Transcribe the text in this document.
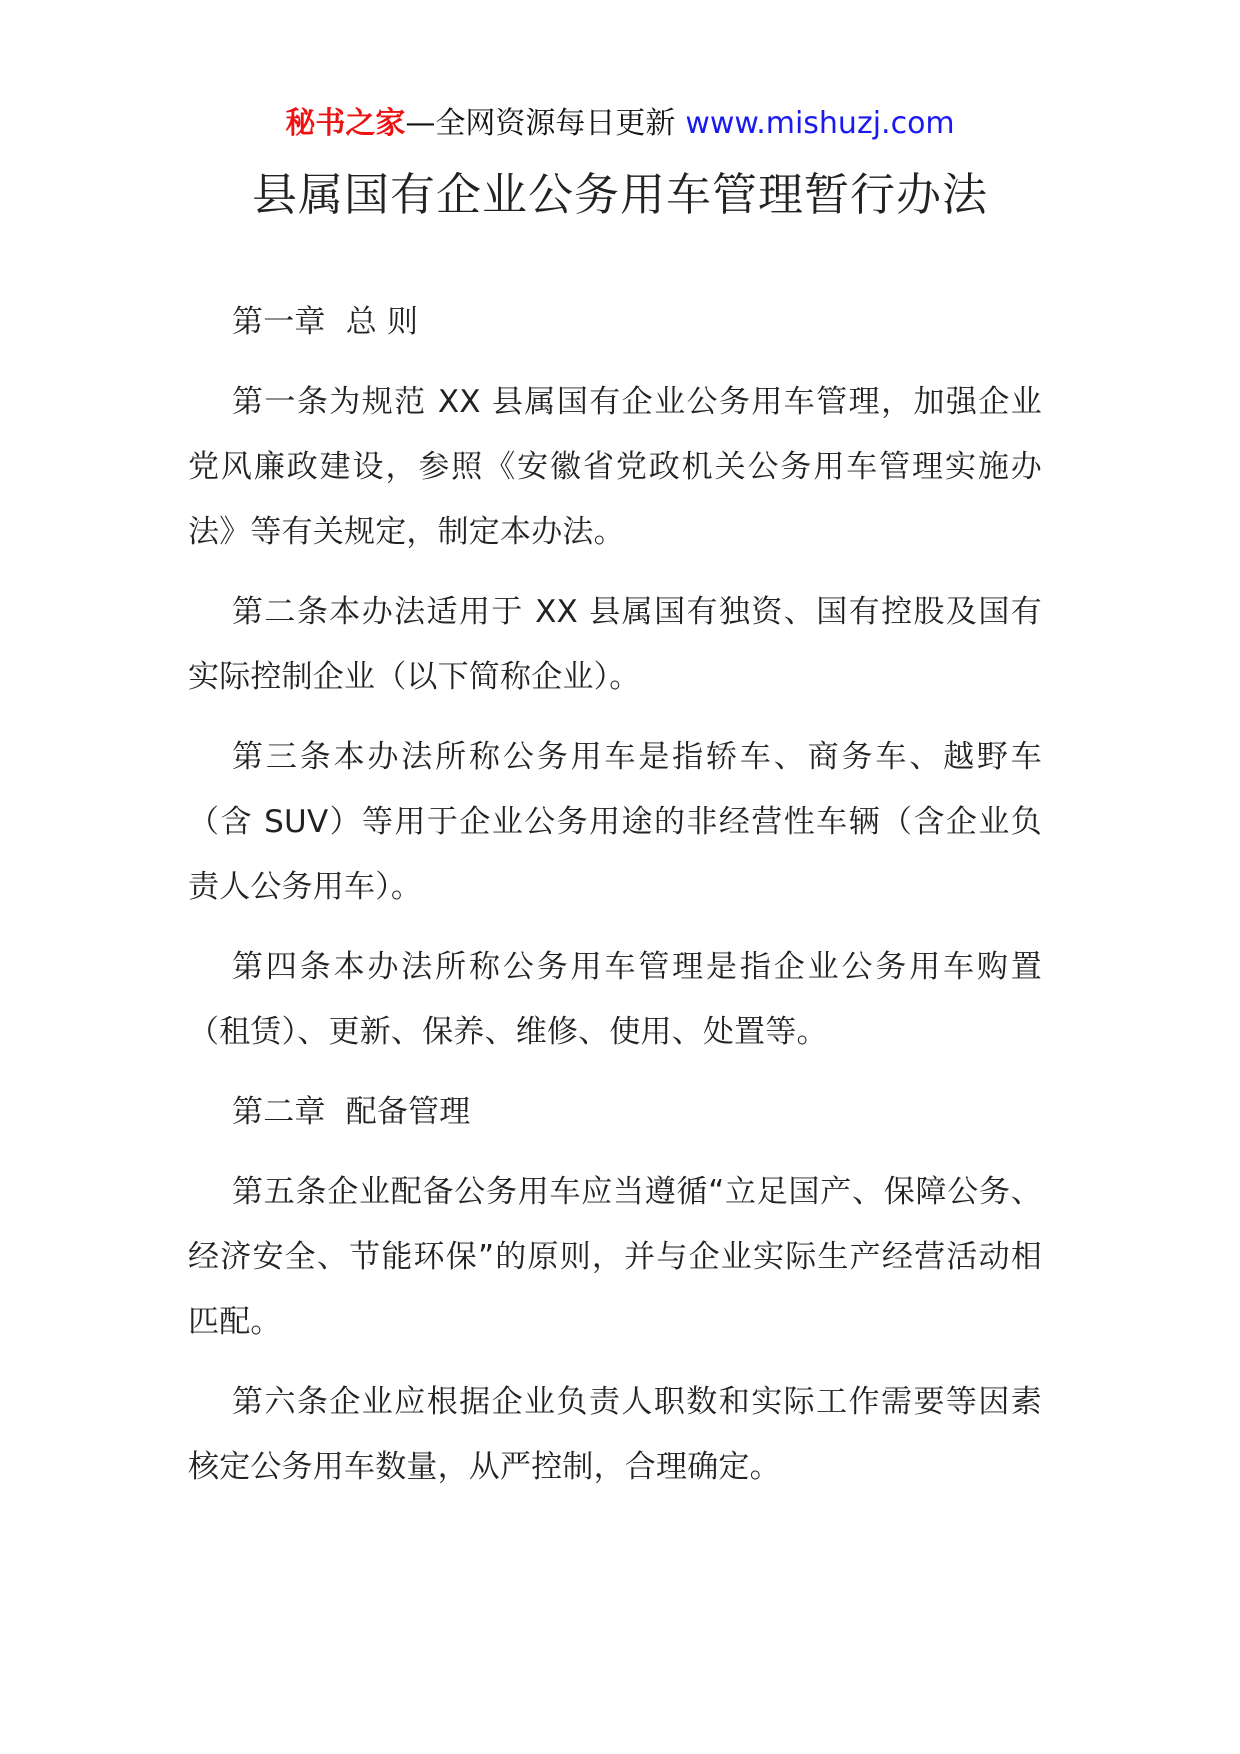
秘书之家—全网资源每日更新 www.mishuzj.com
县属国有企业公务用车管理暂行办法

第一章  总 则

第一条为规范 XX 县属国有企业公务用车管理，加强企业党风廉政建设，参照《安徽省党政机关公务用车管理实施办法》等有关规定，制定本办法。

第二条本办法适用于 XX 县属国有独资、国有控股及国有实际控制企业（以下简称企业）。

第三条本办法所称公务用车是指轿车、商务车、越野车（含 SUV）等用于企业公务用途的非经营性车辆（含企业负责人公务用车）。

第四条本办法所称公务用车管理是指企业公务用车购置（租赁）、更新、保养、维修、使用、处置等。

第二章  配备管理

第五条企业配备公务用车应当遵循“立足国产、保障公务、经济安全、节能环保”的原则，并与企业实际生产经营活动相匹配。

第六条企业应根据企业负责人职数和实际工作需要等因素核定公务用车数量，从严控制，合理确定。
